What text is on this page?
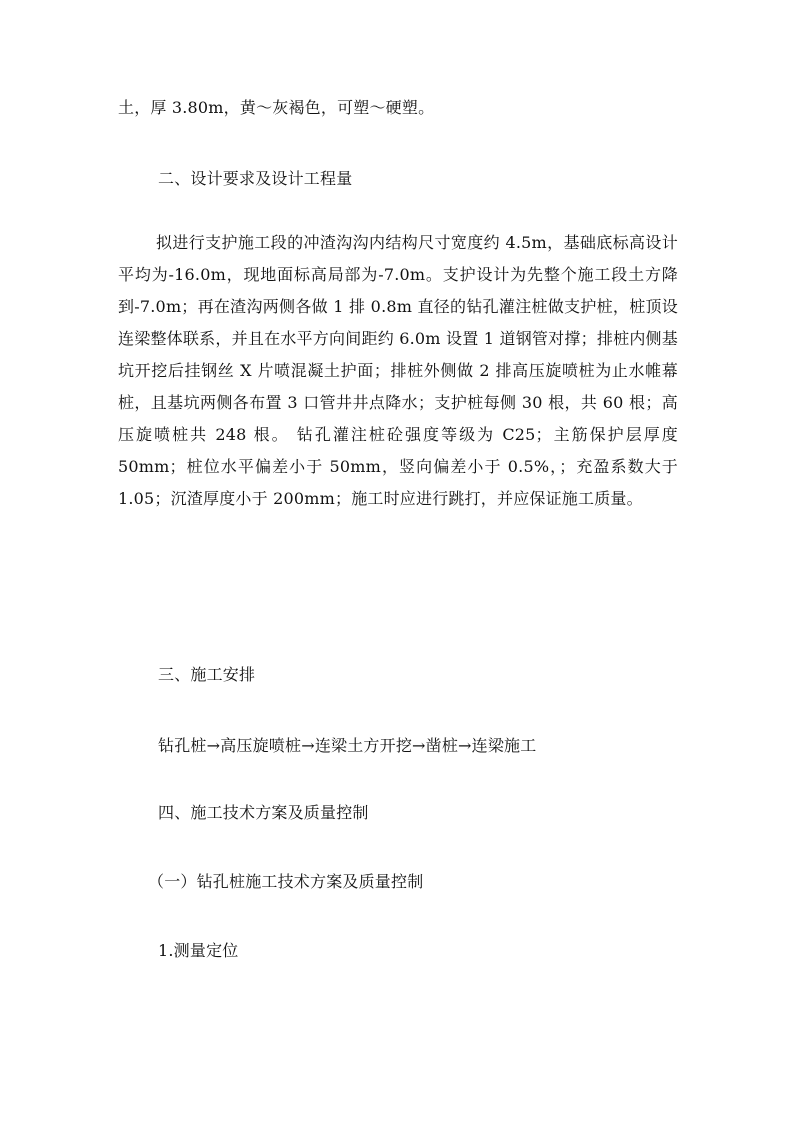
土，厚 3.80m，黄～灰褐色，可塑～硬塑。
二、设计要求及设计工程量
拟进行支护施工段的冲渣沟沟内结构尺寸宽度约 4.5m，基础底标高设计平均为-16.0m，现地面标高局部为-7.0m。支护设计为先整个施工段土方降到-7.0m；再在渣沟两侧各做 1 排 0.8m 直径的钻孔灌注桩做支护桩，桩顶设连梁整体联系，并且在水平方向间距约 6.0m 设置 1 道钢管对撑；排桩内侧基坑开挖后挂钢丝 X 片喷混凝土护面；排桩外侧做 2 排高压旋喷桩为止水帷幕桩，且基坑两侧各布置 3 口管井井点降水；支护桩每侧 30 根，共 60 根；高压旋喷桩共 248 根。 钻孔灌注桩砼强度等级为 C25；主筋保护层厚度 50mm；桩位水平偏差小于 50mm，竖向偏差小于 0.5%，；充盈系数大于 1.05；沉渣厚度小于 200mm；施工时应进行跳打，并应保证施工质量。
三、施工安排
钻孔桩→高压旋喷桩→连梁土方开挖→凿桩→连梁施工
四、施工技术方案及质量控制
（一）钻孔桩施工技术方案及质量控制
1.测量定位
